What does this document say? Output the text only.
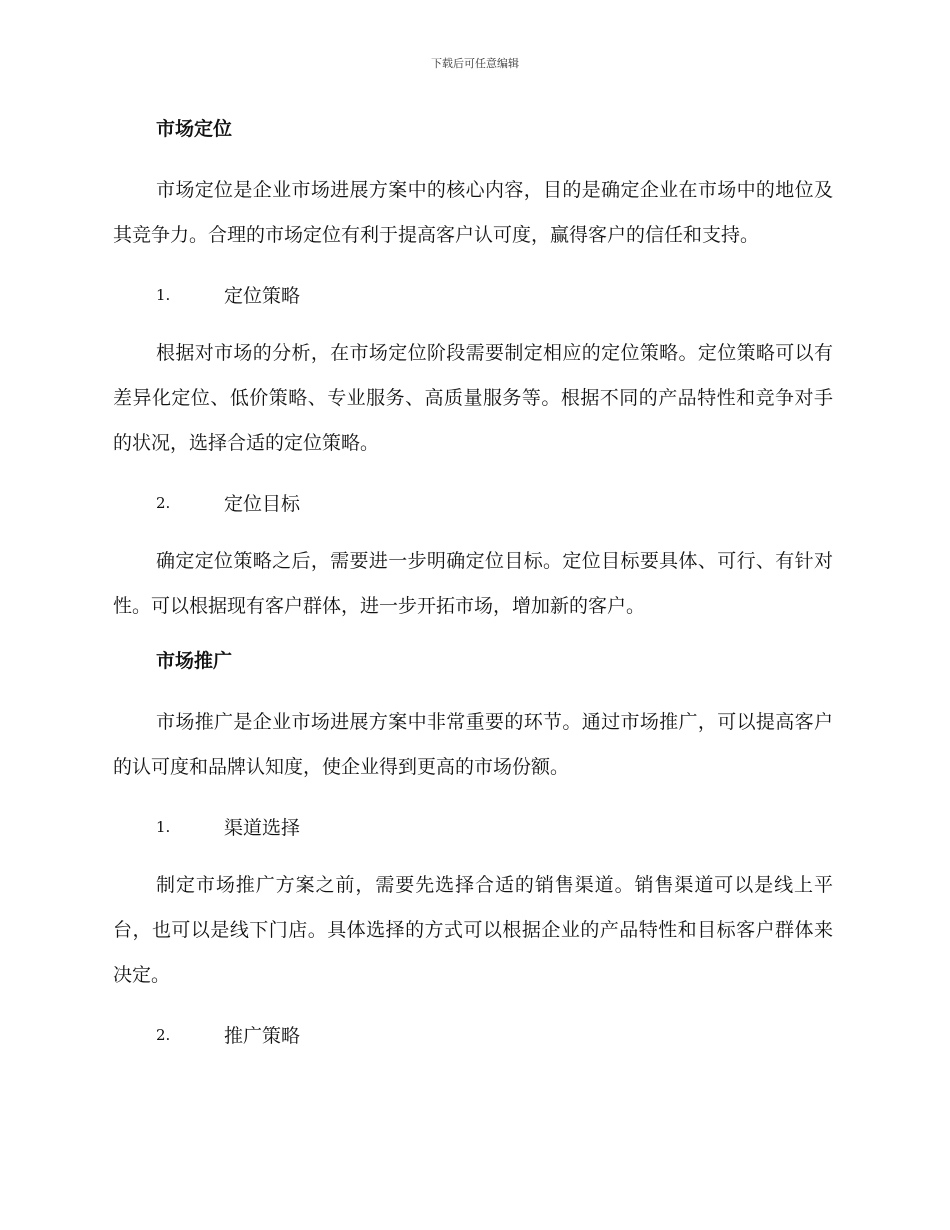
下载后可任意编辑
市场定位

市场定位是企业市场进展方案中的核心内容，目的是确定企业在市场中的地位及其竞争力。合理的市场定位有利于提高客户认可度，赢得客户的信任和支持。

1.	定位策略

根据对市场的分析，在市场定位阶段需要制定相应的定位策略。定位策略可以有差异化定位、低价策略、专业服务、高质量服务等。根据不同的产品特性和竞争对手的状况，选择合适的定位策略。

2.	定位目标

确定定位策略之后，需要进一步明确定位目标。定位目标要具体、可行、有针对性。可以根据现有客户群体，进一步开拓市场，增加新的客户。

市场推广

市场推广是企业市场进展方案中非常重要的环节。通过市场推广，可以提高客户的认可度和品牌认知度，使企业得到更高的市场份额。

1.	渠道选择

制定市场推广方案之前，需要先选择合适的销售渠道。销售渠道可以是线上平台，也可以是线下门店。具体选择的方式可以根据企业的产品特性和目标客户群体来决定。

2.	推广策略
